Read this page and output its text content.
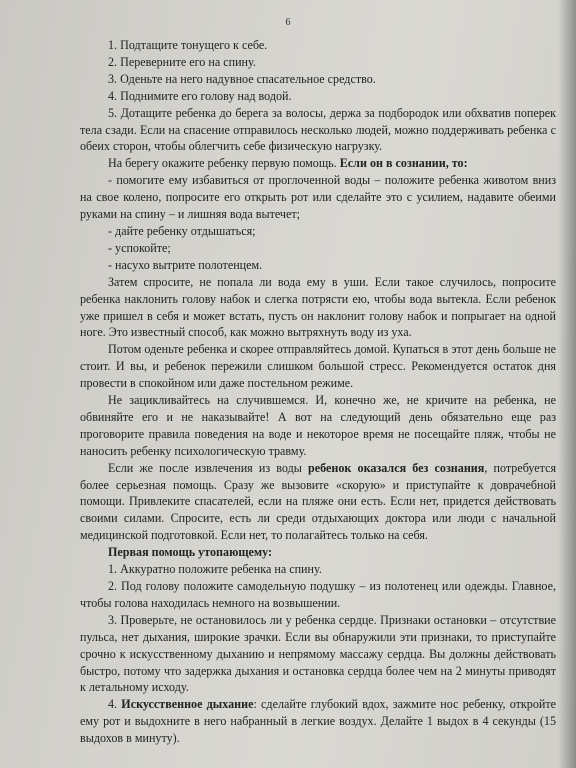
6

1. Подтащите тонущего к себе.

2. Переверните его на спину.

3. Оденьте на него надувное спасательное средство.

4. Поднимите его голову над водой.

5. Дотащите ребенка до берега за волосы, держа за подбородок или обхватив поперек тела сзади. Если на спасение отправилось несколько людей, можно поддерживать ребенка с обеих сторон, чтобы облегчить себе физическую нагрузку.

На берегу окажите ребенку первую помощь. Если он в сознании, то:

- помогите ему избавиться от проглоченной воды – положите ребенка животом вниз на свое колено, попросите его открыть рот или сделайте это с усилием, надавите обеими руками на спину – и лишняя вода вытечет;

- дайте ребенку отдышаться;

- успокойте;

- насухо вытрите полотенцем.

Затем спросите, не попала ли вода ему в уши. Если такое случилось, попросите ребенка наклонить голову набок и слегка потрясти ею, чтобы вода вытекла. Если ребенок уже пришел в себя и может встать, пусть он наклонит голову набок и попрыгает на одной ноге. Это известный способ, как можно вытряхнуть воду из уха.

Потом оденьте ребенка и скорее отправляйтесь домой. Купаться в этот день больше не стоит. И вы, и ребенок пережили слишком большой стресс. Рекомендуется остаток дня провести в спокойном или даже постельном режиме.

Не зацикливайтесь на случившемся. И, конечно же, не кричите на ребенка, не обвиняйте его и не наказывайте! А вот на следующий день обязательно еще раз проговорите правила поведения на воде и некоторое время не посещайте пляж, чтобы не наносить ребенку психологическую травму.

Если же после извлечения из воды ребенок оказался без сознания, потребуется более серьезная помощь. Сразу же вызовите «скорую» и приступайте к доврачебной помощи. Привлеките спасателей, если на пляже они есть. Если нет, придется действовать своими силами. Спросите, есть ли среди отдыхающих доктора или люди с начальной медицинской подготовкой. Если нет, то полагайтесь только на себя.

Первая помощь утопающему:

1. Аккуратно положите ребенка на спину.

2. Под голову положите самодельную подушку – из полотенец или одежды. Главное, чтобы голова находилась немного на возвышении.

3. Проверьте, не остановилось ли у ребенка сердце. Признаки остановки – отсутствие пульса, нет дыхания, широкие зрачки. Если вы обнаружили эти признаки, то приступайте срочно к искусственному дыханию и непрямому массажу сердца. Вы должны действовать быстро, потому что задержка дыхания и остановка сердца более чем на 2 минуты приводят к летальному исходу.

4. Искусственное дыхание: сделайте глубокий вдох, зажмите нос ребенку, откройте ему рот и выдохните в него набранный в легкие воздух. Делайте 1 выдох в 4 секунды (15 выдохов в минуту).
